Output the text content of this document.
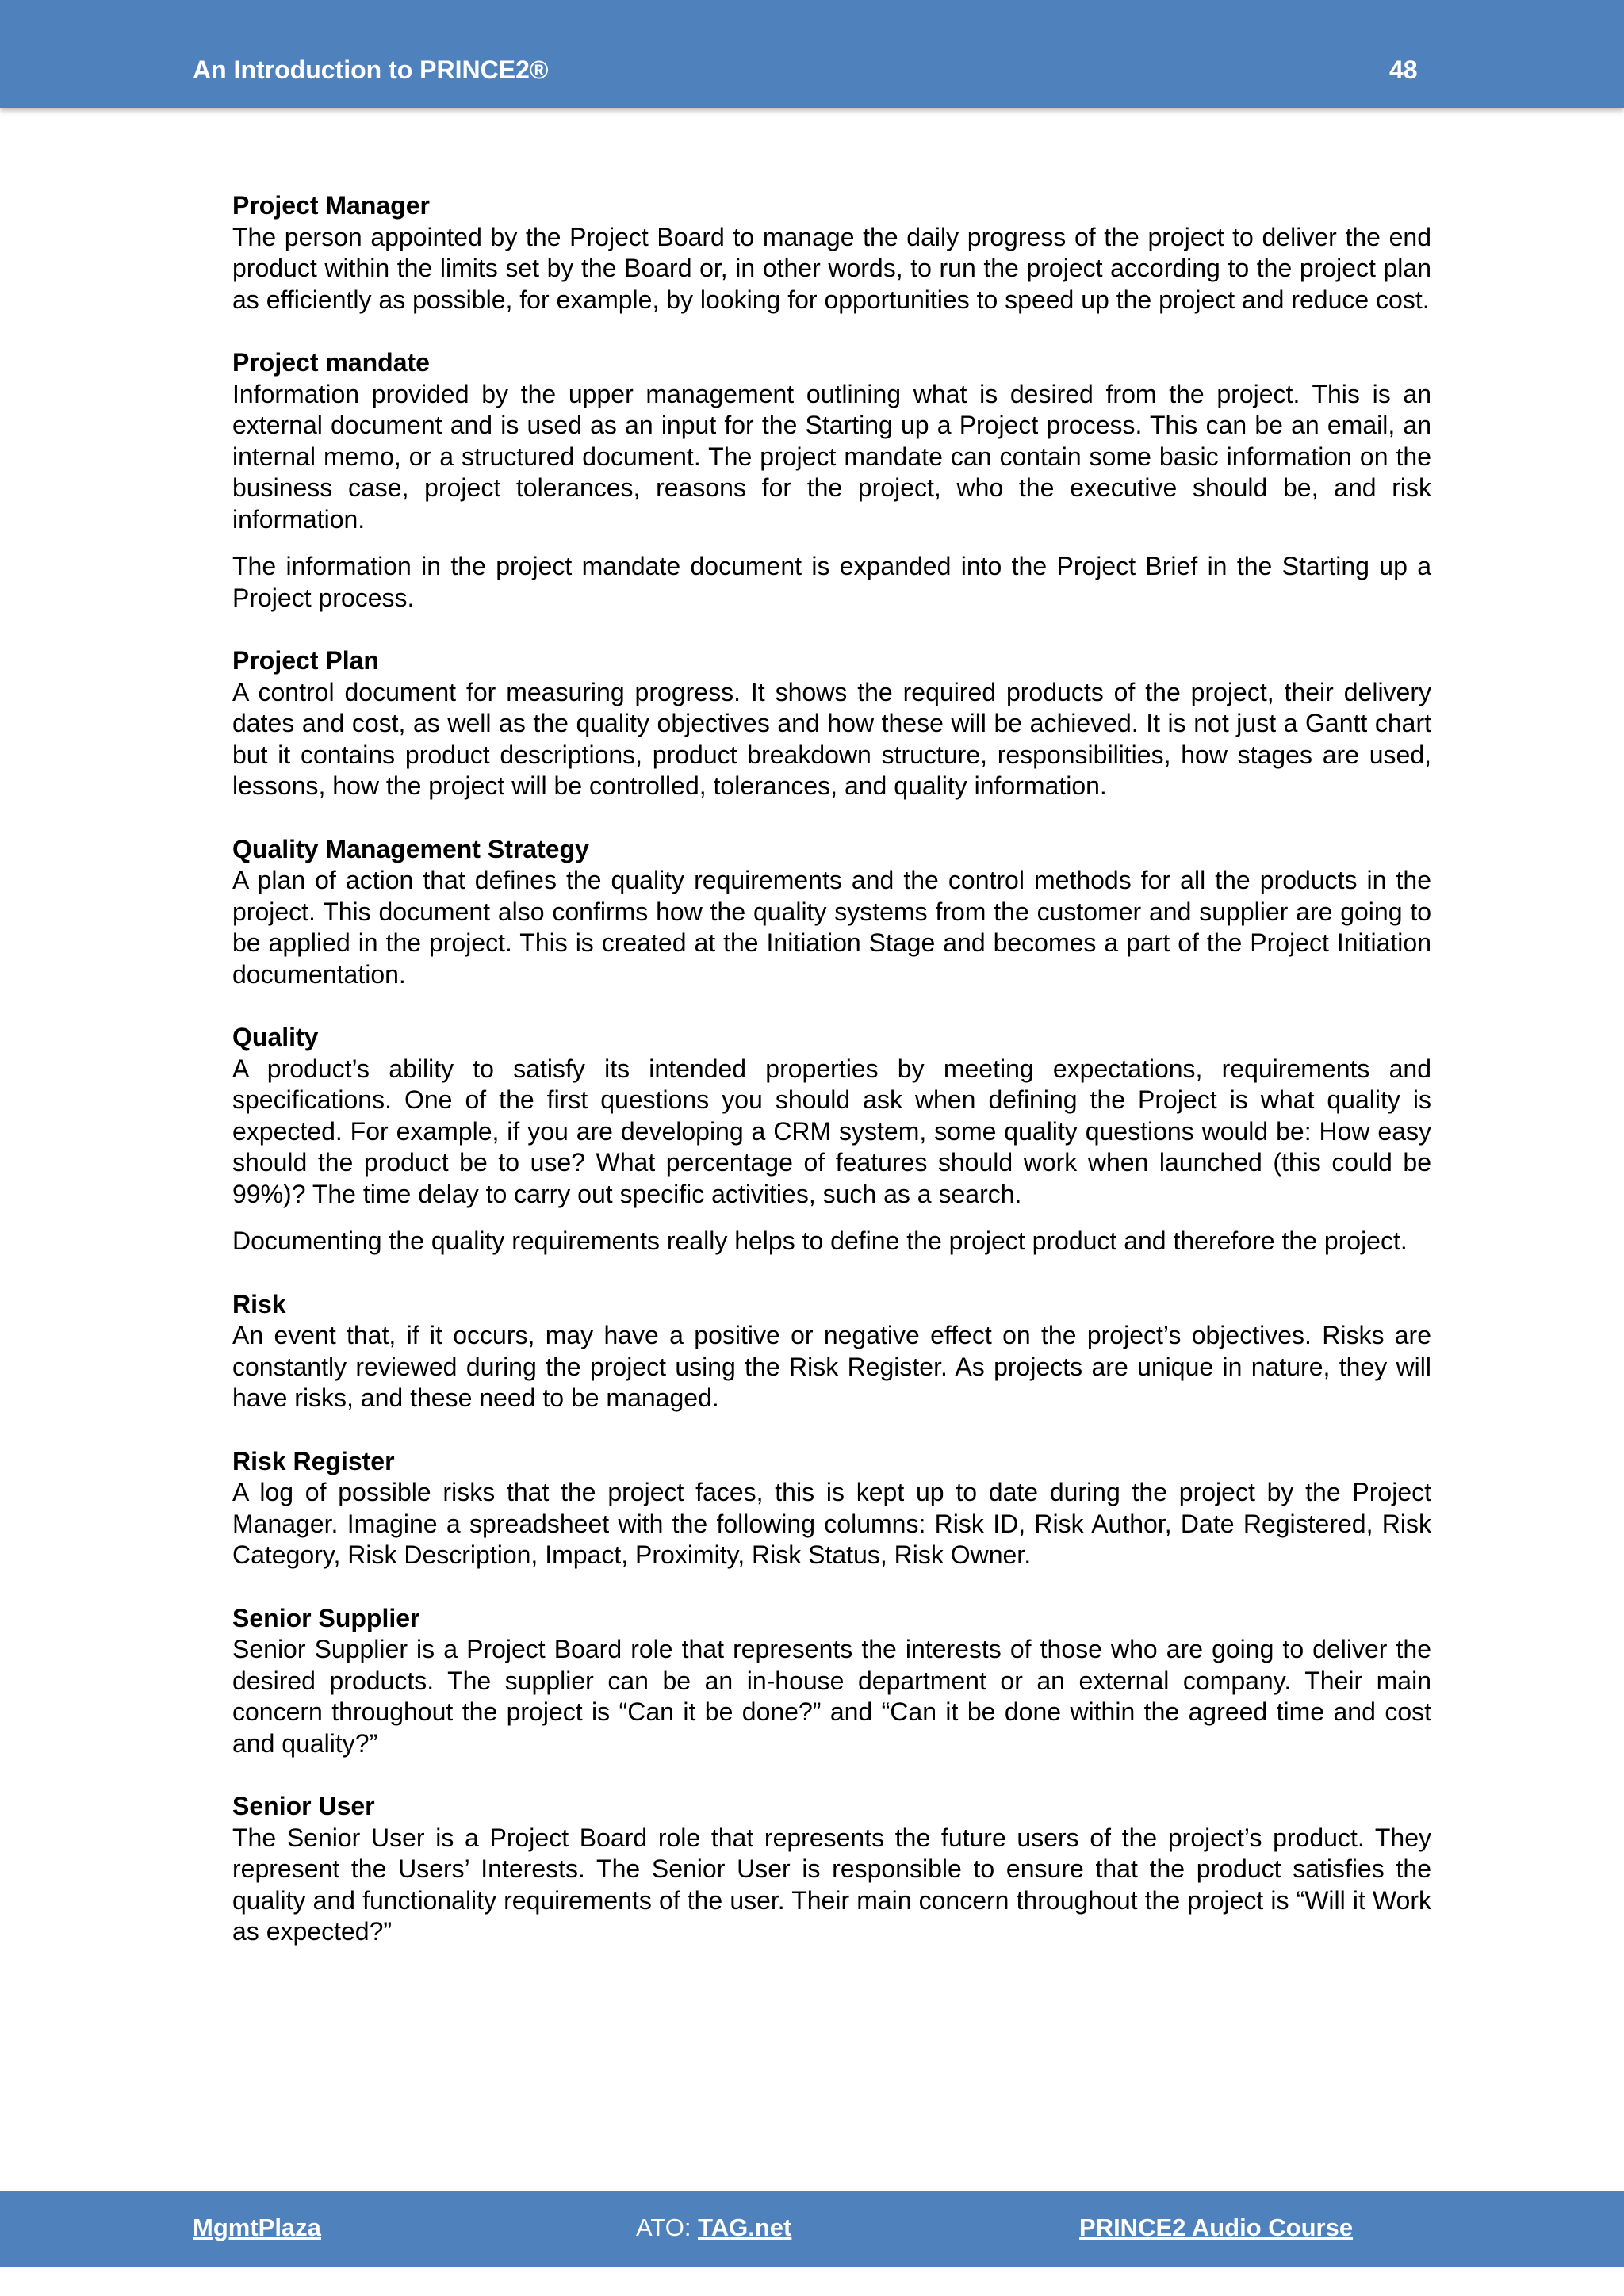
An Introduction to PRINCE2®	48
Project Manager

The person appointed by the Project Board to manage the daily progress of the project to deliver the end product within the limits set by the Board or, in other words, to run the project according to the project plan as efficiently as possible, for example, by looking for opportunities to speed up the project and reduce cost.

Project mandate

Information provided by the upper management outlining what is desired from the project. This is an external document and is used as an input for the Starting up a Project process. This can be an email, an internal memo, or a structured document. The project mandate can contain some basic information on the business case, project tolerances, reasons for the project, who the executive should be, and risk information.

The information in the project mandate document is expanded into the Project Brief in the Starting up a Project process.

Project Plan

A control document for measuring progress. It shows the required products of the project, their delivery dates and cost, as well as the quality objectives and how these will be achieved. It is not just a Gantt chart but it contains product descriptions, product breakdown structure, responsibilities, how stages are used, lessons, how the project will be controlled, tolerances, and quality information.

Quality Management Strategy

A plan of action that defines the quality requirements and the control methods for all the products in the project. This document also confirms how the quality systems from the customer and supplier are going to be applied in the project. This is created at the Initiation Stage and becomes a part of the Project Initiation documentation.

Quality

A product’s ability to satisfy its intended properties by meeting expectations, requirements and specifications. One of the first questions you should ask when defining the Project is what quality is expected. For example, if you are developing a CRM system, some quality questions would be: How easy should the product be to use? What percentage of features should work when launched (this could be 99%)? The time delay to carry out specific activities, such as a search.

Documenting the quality requirements really helps to define the project product and therefore the project.

Risk

An event that, if it occurs, may have a positive or negative effect on the project’s objectives. Risks are constantly reviewed during the project using the Risk Register. As projects are unique in nature, they will have risks, and these need to be managed.

Risk Register

A log of possible risks that the project faces, this is kept up to date during the project by the Project Manager. Imagine a spreadsheet with the following columns: Risk ID, Risk Author, Date Registered, Risk Category, Risk Description, Impact, Proximity, Risk Status, Risk Owner.

Senior Supplier

Senior Supplier is a Project Board role that represents the interests of those who are going to deliver the desired products. The supplier can be an in-house department or an external company. Their main concern throughout the project is “Can it be done?” and “Can it be done within the agreed time and cost and quality?”

Senior User

The Senior User is a Project Board role that represents the future users of the project’s product. They represent the Users’ Interests. The Senior User is responsible to ensure that the product satisfies the quality and functionality requirements of the user. Their main concern throughout the project is “Will it Work as expected?”

MgmtPlaza	ATO: TAG.net	PRINCE2 Audio Course
